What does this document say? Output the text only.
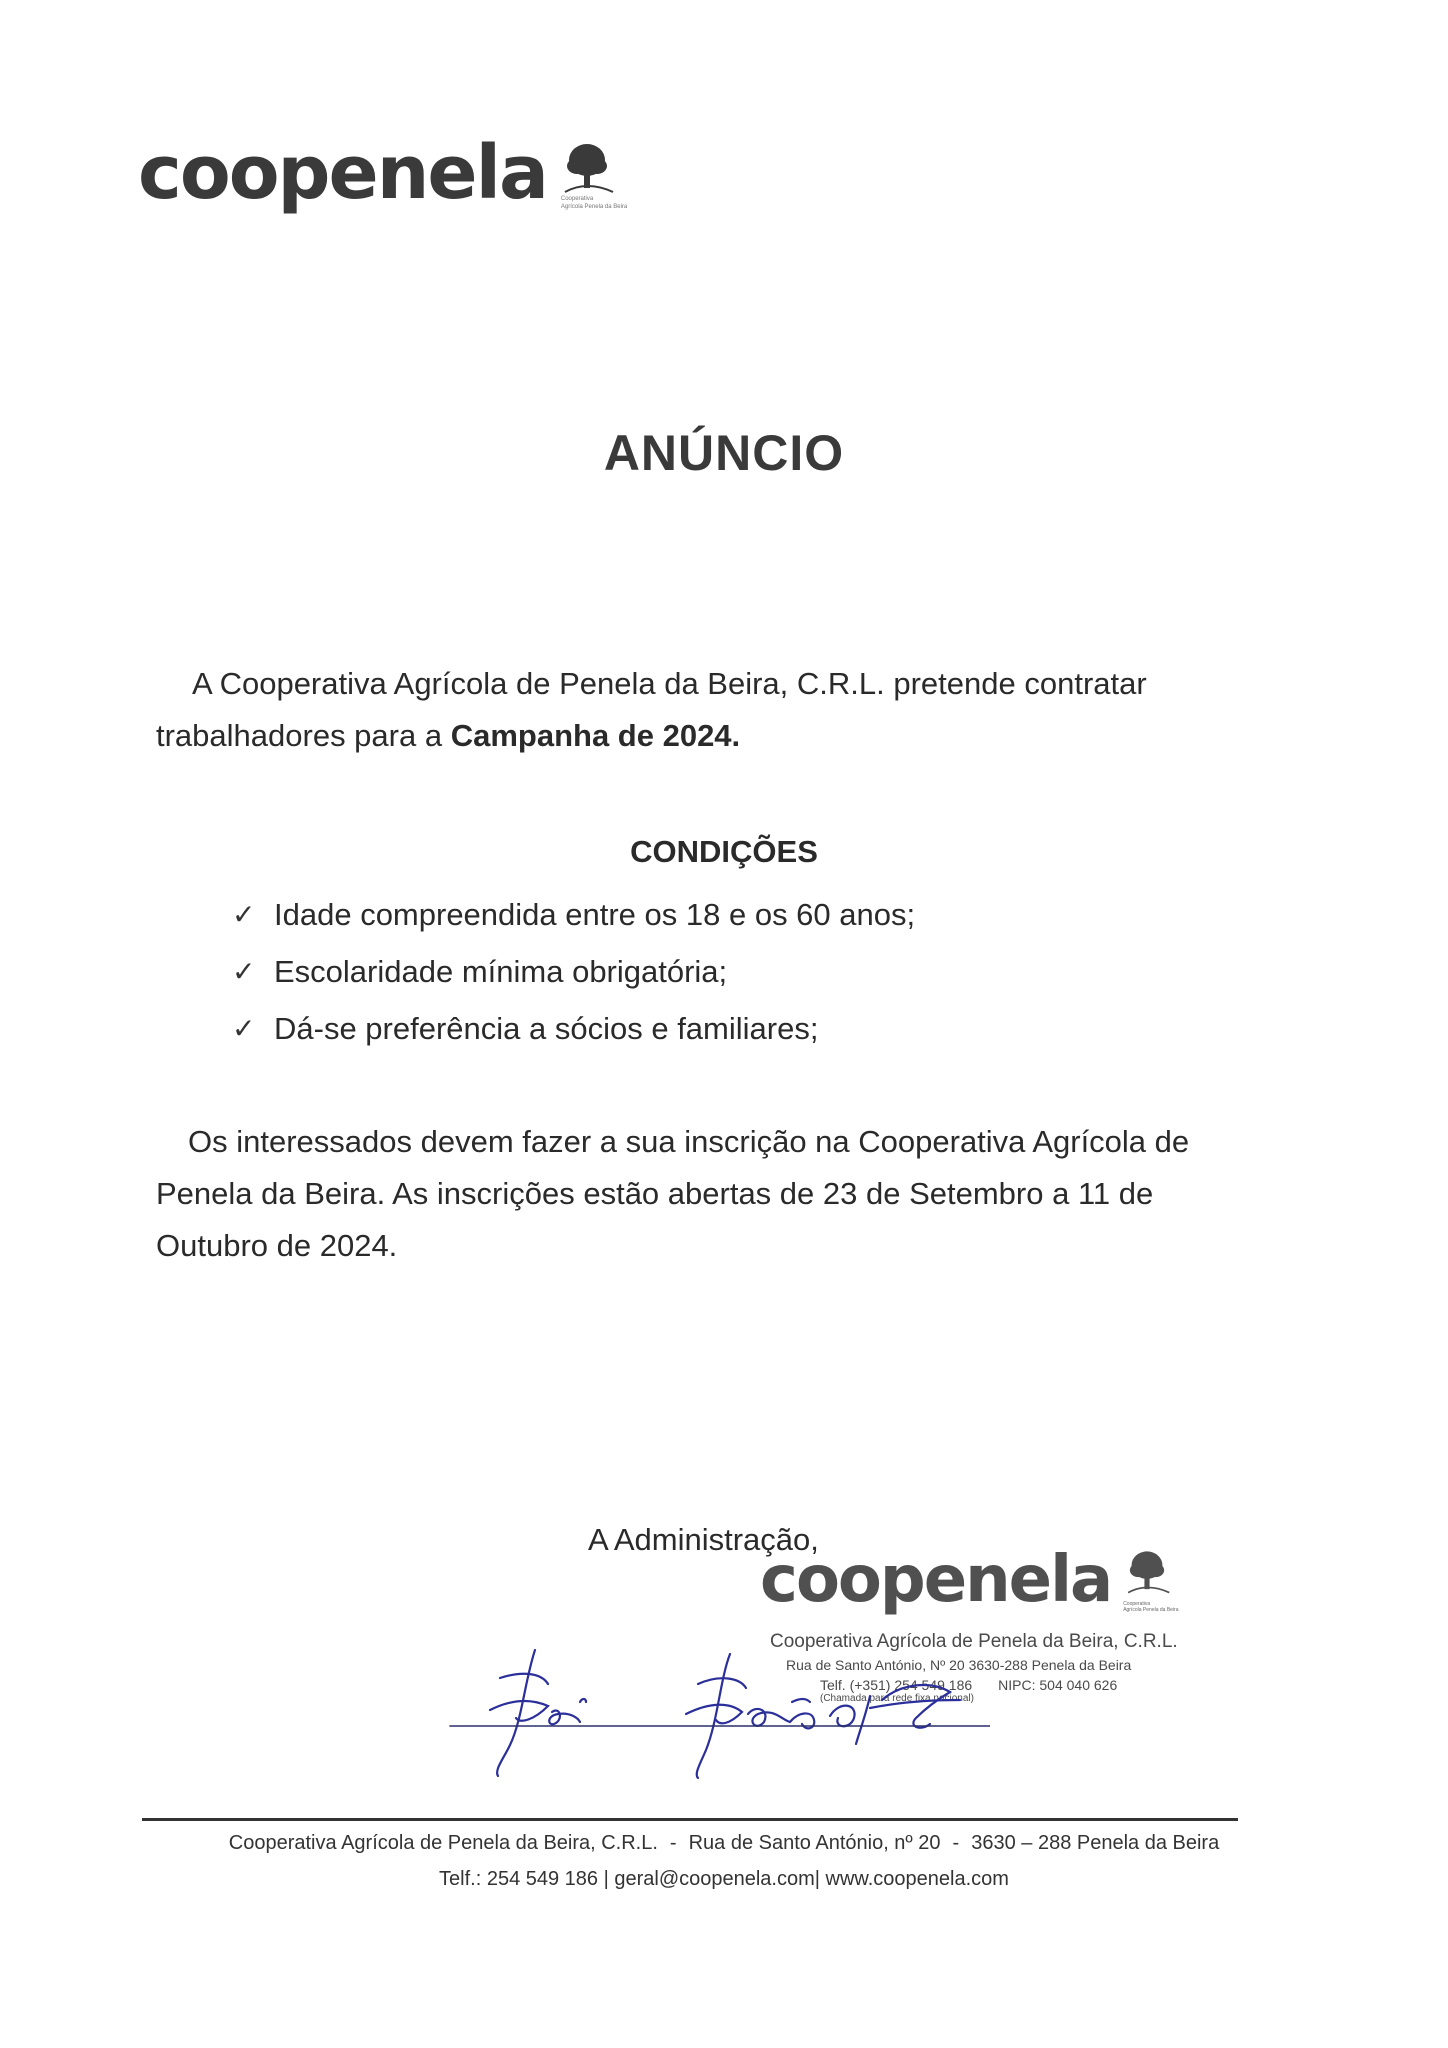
coopenela Cooperativa
Agrícola Penela da Beira
ANÚNCIO
A Cooperativa Agrícola de Penela da Beira, C.R.L. pretende contratar
trabalhadores para a Campanha de 2024.
CONDIÇÕES
✓ Idade compreendida entre os 18 e os 60 anos;
✓ Escolaridade mínima obrigatória;
✓ Dá-se preferência a sócios e familiares;
Os interessados devem fazer a sua inscrição na Cooperativa Agrícola de
Penela da Beira. As inscrições estão abertas de 23 de Setembro a 11 de
Outubro de 2024.
A Administração,
coopenela Cooperativa
Agrícola Penela da Beira
Cooperativa Agrícola de Penela da Beira, C.R.L.
Rua de Santo António, Nº 20 3630-288 Penela da Beira
Telf. (+351) 254 549 186 NIPC: 504 040 626
(Chamada para rede fixa nacional)
Cooperativa Agrícola de Penela da Beira, C.R.L. - Rua de Santo António, nº 20 - 3630 – 288 Penela da Beira
Telf.: 254 549 186 | geral@coopenela.com| www.coopenela.com
